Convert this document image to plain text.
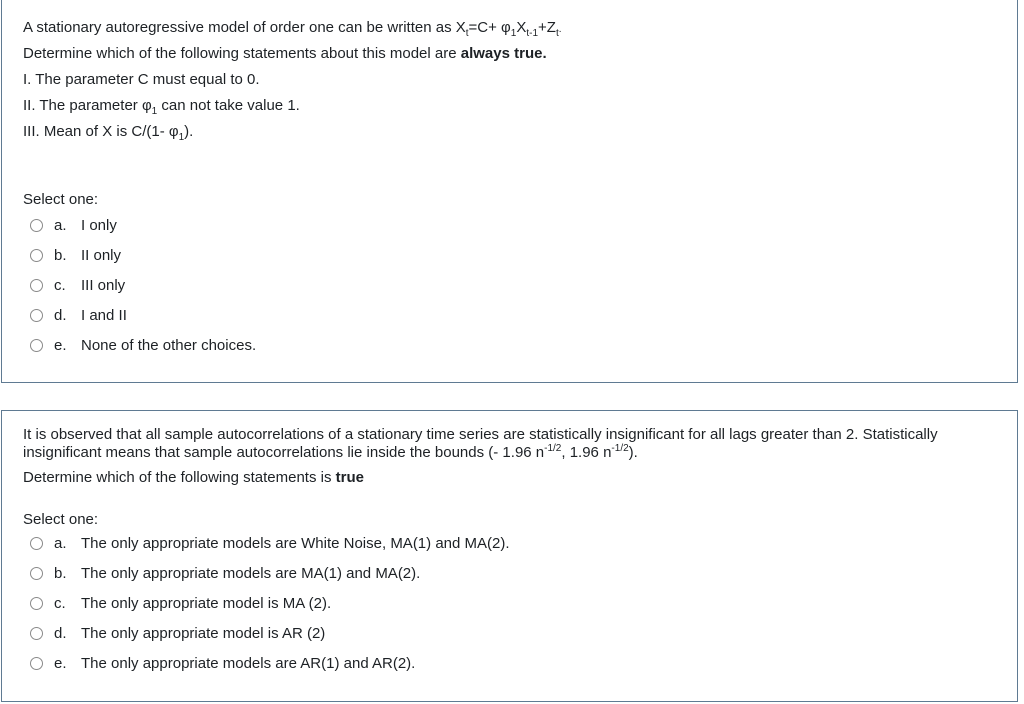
A stationary autoregressive model of order one can be written as $X_t=C+ \varphi_1X_{t-1}+Z_t$.
Determine which of the following statements about this model are always true.
I. The parameter C must equal to 0.
II. The parameter $\varphi_1$ can not take value 1.
III. Mean of X is C/(1- $\varphi_1$).
Select one:
a. I only
b. II only
c.	III only
d. I and II
e. None of the other choices.
It is observed that all sample autocorrelations of a stationary time series are statistically insignificant for all lags greater than 2. Statistically insignificant means that sample autocorrelations lie inside the bounds (- 1.96 $n^{-1/2}$, 1.96 $n^{-1/2}$).
Determine which of the following statements is true
Select one:
a. The only appropriate models are White Noise, MA(1) and MA(2).
b. The only appropriate models are MA(1) and MA(2).
c.	The only appropriate model is MA (2).
d. The only appropriate model is AR (2)
e. The only appropriate models are AR(1) and AR(2).
